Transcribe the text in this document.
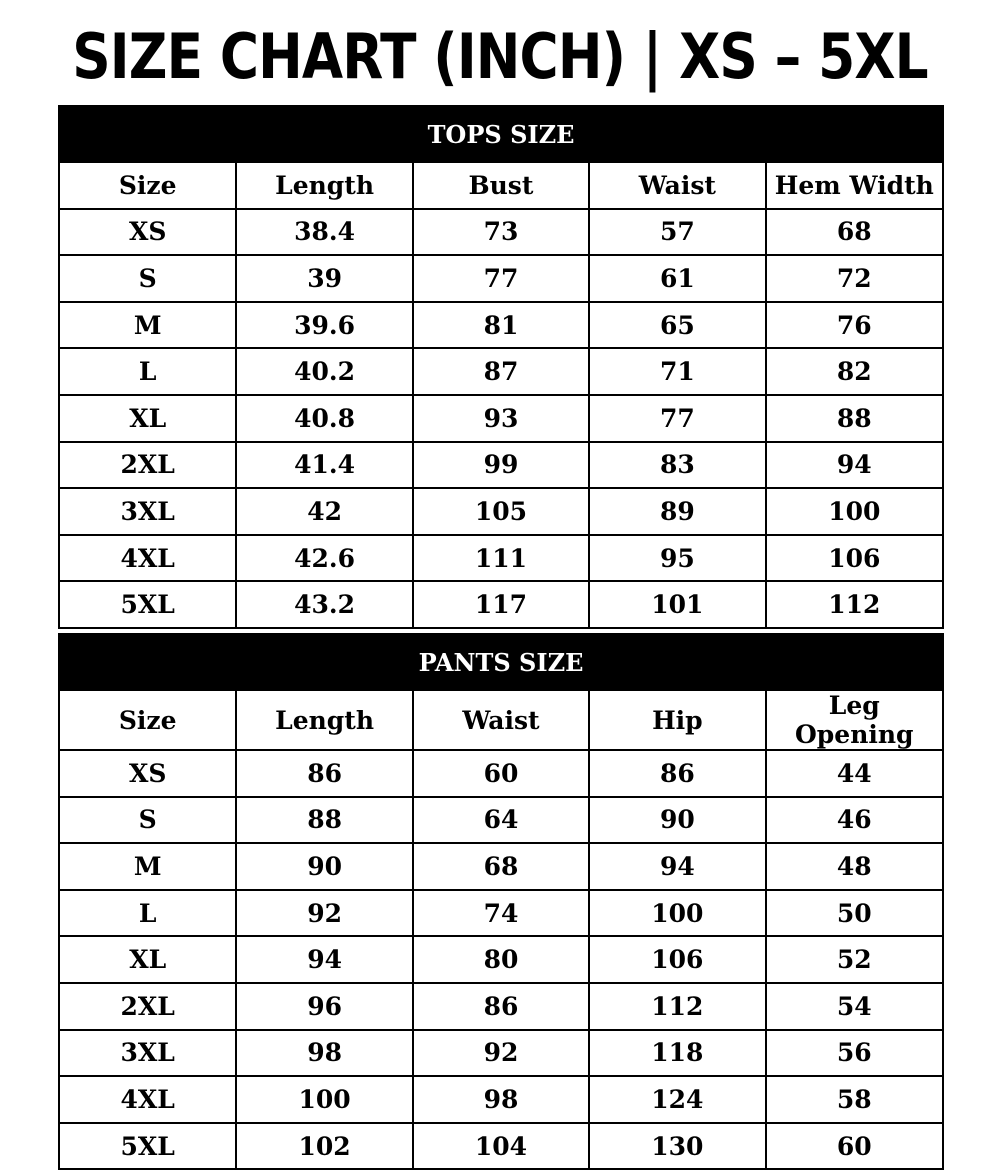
SIZE CHART (INCH) | XS – 5XL
TOPS SIZE
Size	Length	Bust	Waist	Hem Width
XS	38.4	73	57	68
S	39	77	61	72
M	39.6	81	65	76
L	40.2	87	71	82
XL	40.8	93	77	88
2XL	41.4	99	83	94
3XL	42	105	89	100
4XL	42.6	111	95	106
5XL	43.2	117	101	112
PANTS SIZE
Size	Length	Waist	Hip	Leg Opening
XS	86	60	86	44
S	88	64	90	46
M	90	68	94	48
L	92	74	100	50
XL	94	80	106	52
2XL	96	86	112	54
3XL	98	92	118	56
4XL	100	98	124	58
5XL	102	104	130	60
